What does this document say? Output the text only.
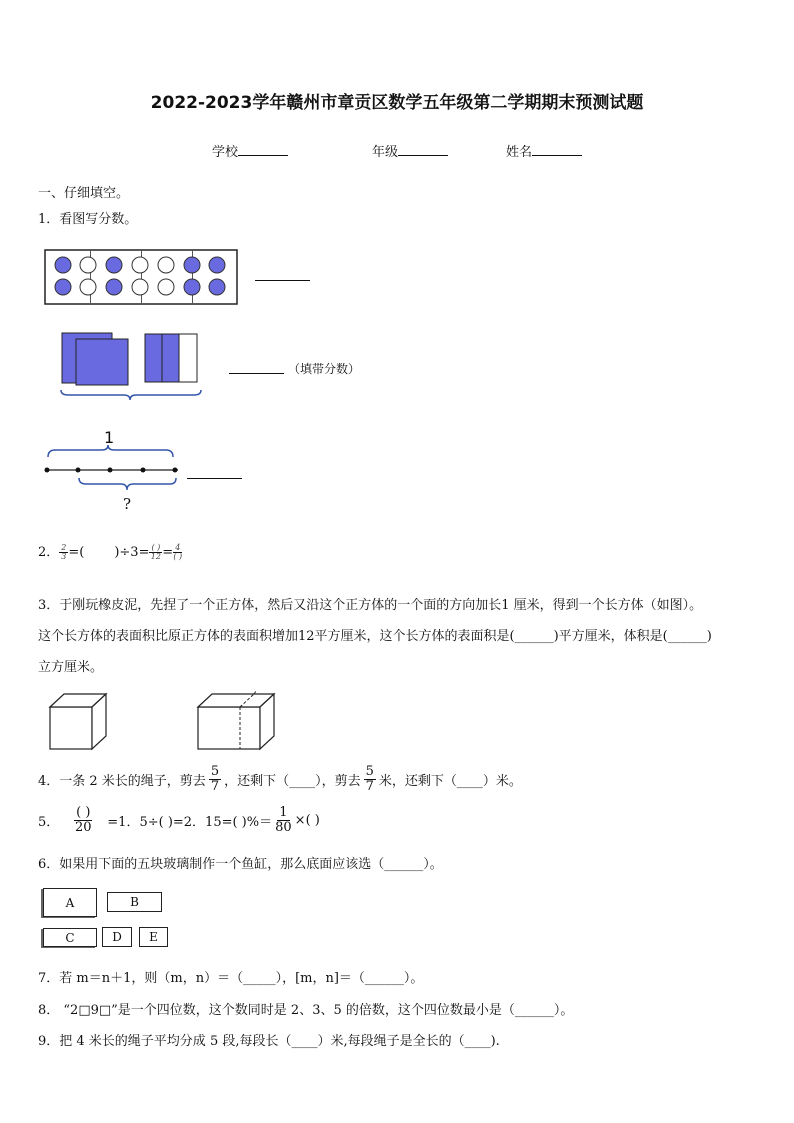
2022-2023学年赣州市章贡区数学五年级第二学期期末预测试题
学校	年级	姓名
一、仔细填空。
1．看图写分数。
（填带分数）
1
?
2． $\frac{2}{3}$ =( )$\div 3= \frac{( )}{12} = \frac{4}{( )}$
3．于刚玩橡皮泥，先捏了一个正方体，然后又沿这个正方体的一个面的方向加长1 厘米，得到一个长方体（如图）。
这个长方体的表面积比原正方体的表面积增加12平方厘米，这个长方体的表面积是(______)平方厘米，体积是(______)
立方厘米。
4．一条 2 米长的绳子，剪去 $\frac{5}{7}$ ，还剩下（____），剪去 $\frac{5}{7}$ 米，还剩下（____）米。
5． $\frac{( )}{20} =1$．5÷( )=2．15=( )%＝ $\frac{1}{80}$ ×( )
6．如果用下面的五块玻璃制作一个鱼缸，那么底面应该选（______）。
A	B
C	D	E
7．若 m＝n＋1，则（m，n）＝（_____），[m，n]＝（______）。
8． “2□9□”是一个四位数，这个数同时是 2、3、5 的倍数，这个四位数最小是（______）。
9．把 4 米长的绳子平均分成 5 段,每段长（____）米,每段绳子是全长的（____).
